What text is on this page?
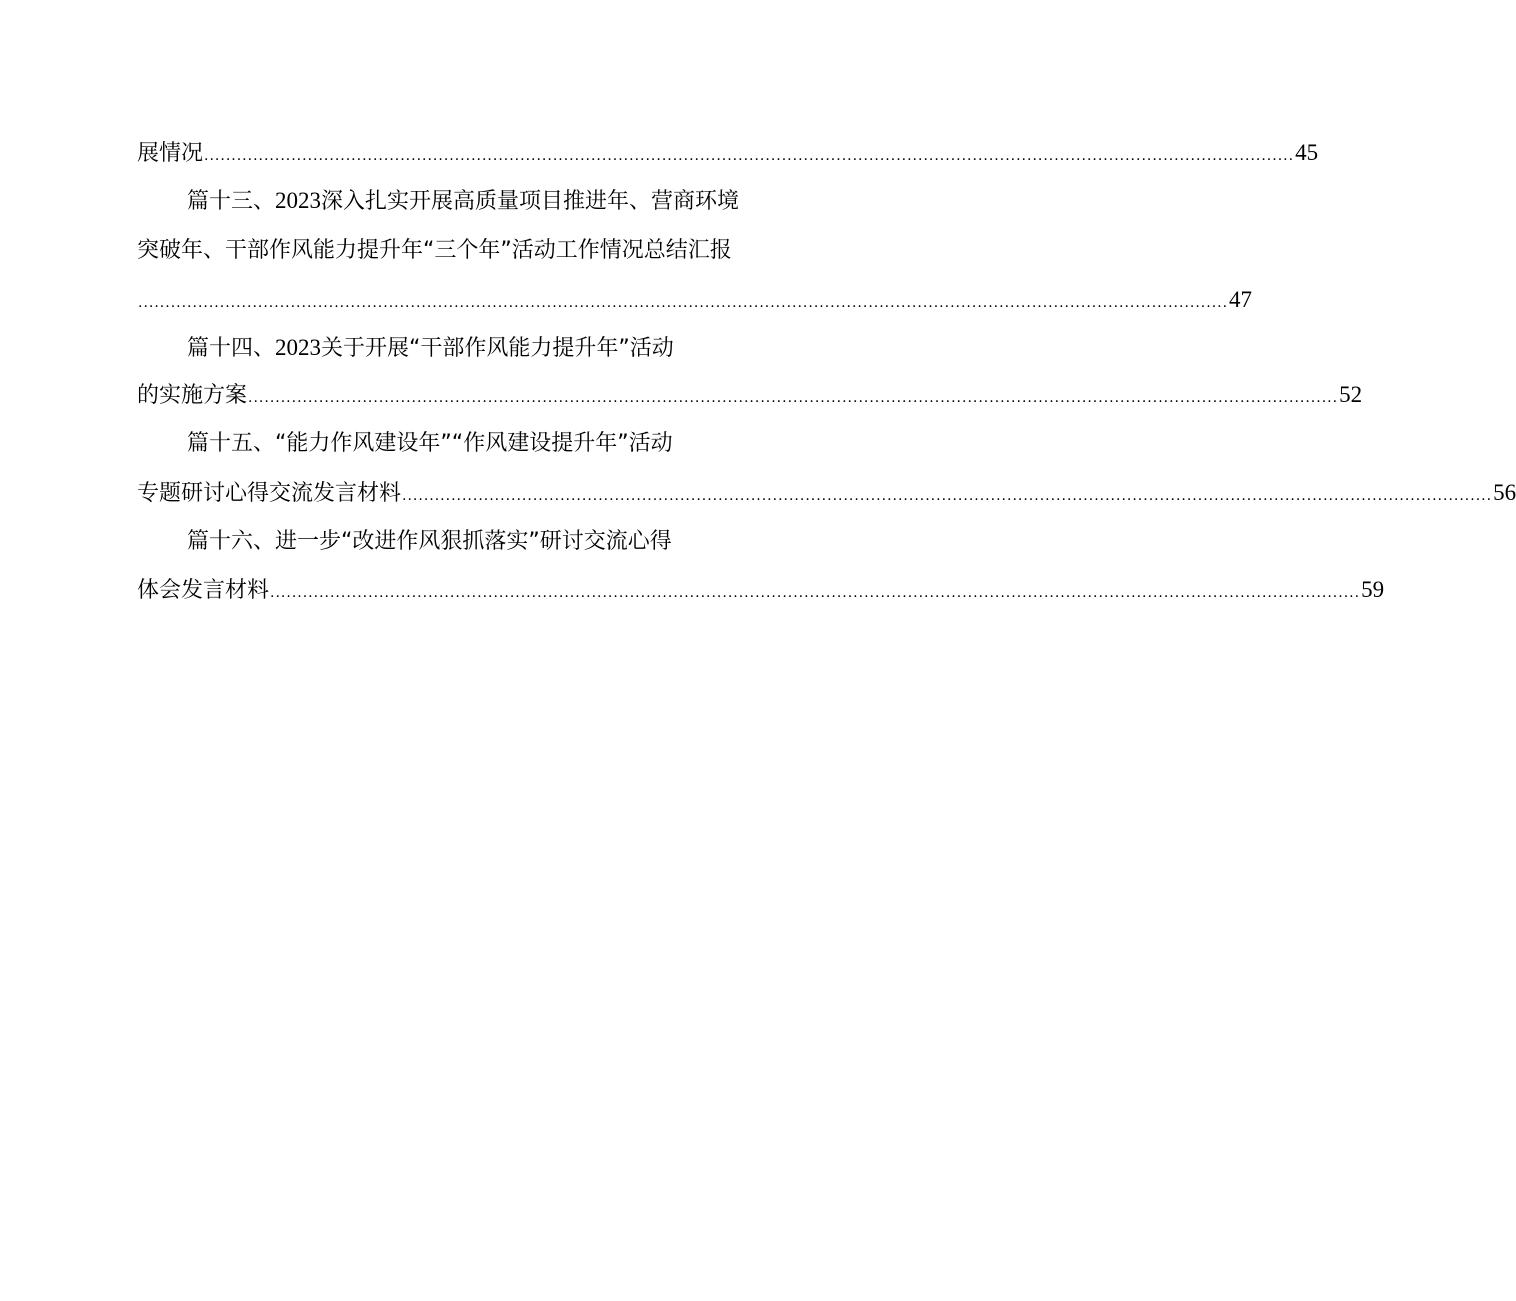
展情况 ........................................................................................................................................................................................................ 45
篇十三、2023深入扎实开展高质量项目推进年、营商环境
突破年、干部作风能力提升年“三个年”活动工作情况总结汇报
........................................................................................................................................................................................................ 47
篇十四、2023关于开展“干部作风能力提升年”活动
的实施方案 ........................................................................................................................................................................................................ 52
篇十五、“能力作风建设年”“作风建设提升年”活动
专题研讨心得交流发言材料 ........................................................................................................................................................................................................ 56
篇十六、进一步“改进作风狠抓落实”研讨交流心得
体会发言材料 ........................................................................................................................................................................................................ 59
